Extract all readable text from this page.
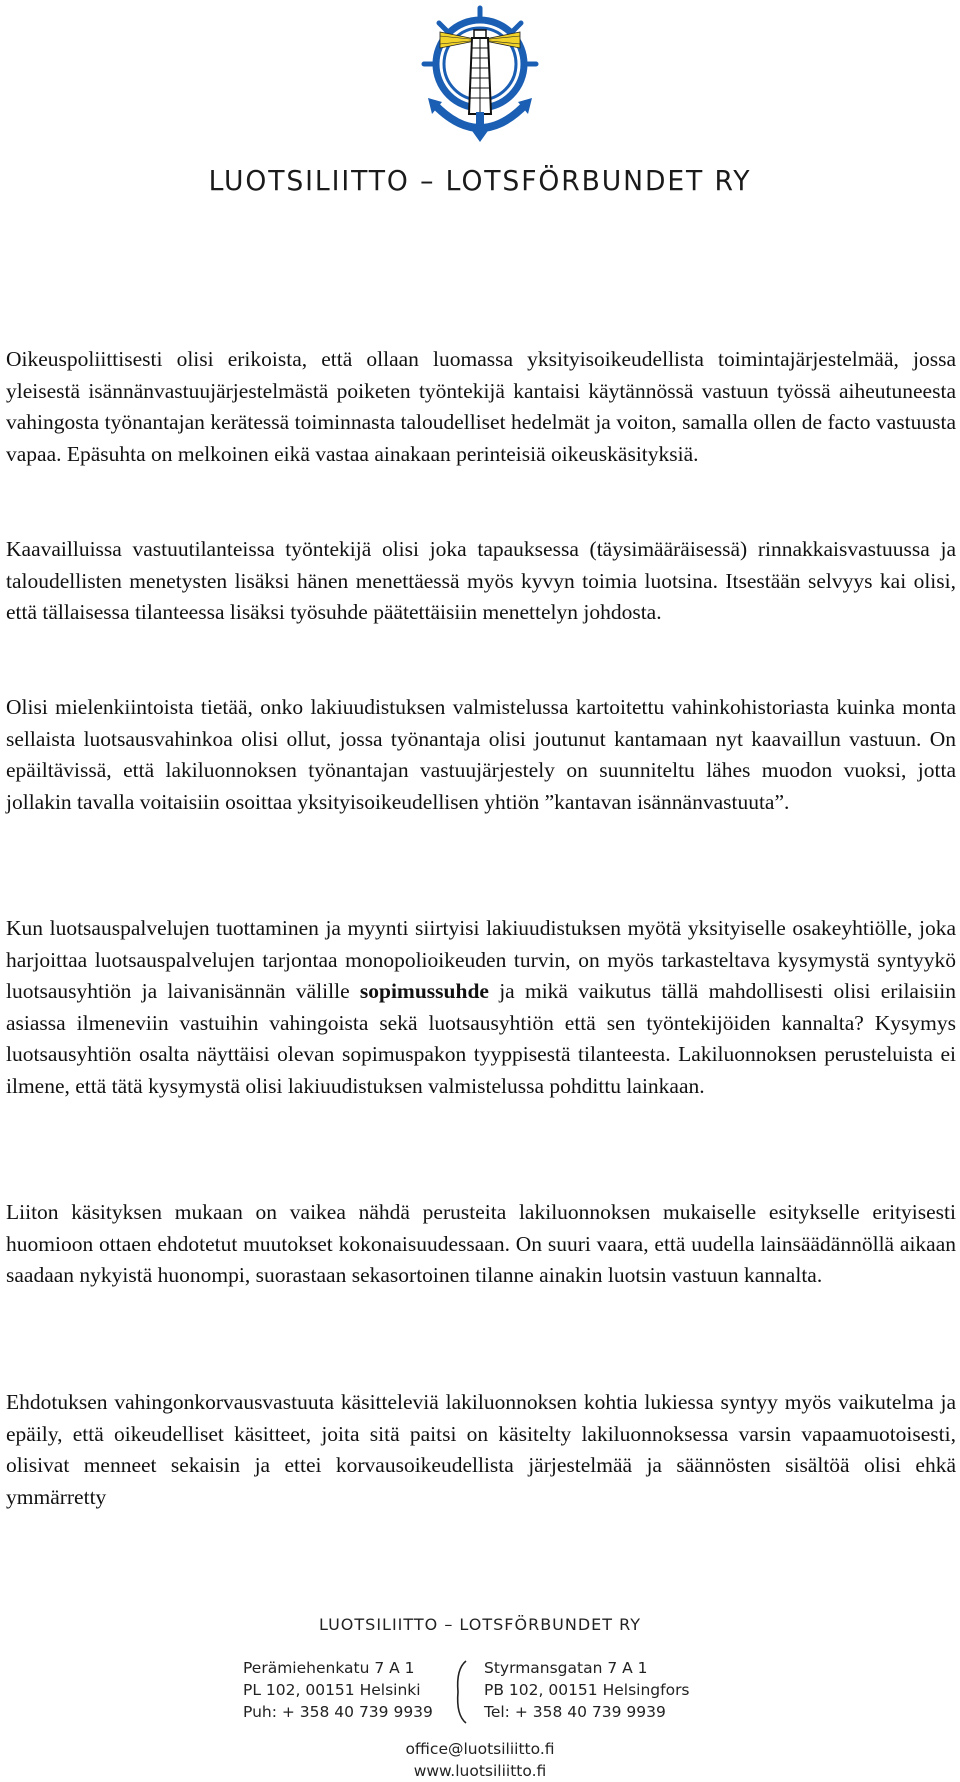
LUOTSILIITTO – LOTSFÖRBUNDET RY

Oikeuspoliittisesti olisi erikoista, että ollaan luomassa yksityisoikeudellista toimintajärjestelmää, jossa yleisestä isännänvastuujärjestelmästä poiketen työntekijä kantaisi käytännössä vastuun työssä aiheutuneesta vahingosta työnantajan kerätessä toiminnasta taloudelliset hedelmät ja voiton, samalla ollen de facto vastuusta vapaa. Epäsuhta on melkoinen eikä vastaa ainakaan perinteisiä oikeuskäsityksiä.

Kaavailluissa vastuutilanteissa työntekijä olisi joka tapauksessa (täysimääräisessä) rinnakkaisvastuussa ja taloudellisten menetysten lisäksi hänen menettäessä myös kyvyn toimia luotsina. Itsestään selvyys kai olisi, että tällaisessa tilanteessa lisäksi työsuhde päätettäisiin menettelyn johdosta.

Olisi mielenkiintoista tietää, onko lakiuudistuksen valmistelussa kartoitettu vahinkohistoriasta kuinka monta sellaista luotsausvahinkoa olisi ollut, jossa työnantaja olisi joutunut kantamaan nyt kaavaillun vastuun. On epäiltävissä, että lakiluonnoksen työnantajan vastuujärjestely on suunniteltu lähes muodon vuoksi, jotta jollakin tavalla voitaisiin osoittaa yksityisoikeudellisen yhtiön ”kantavan isännänvastuuta”.

Kun luotsauspalvelujen tuottaminen ja myynti siirtyisi lakiuudistuksen myötä yksityiselle osakeyhtiölle, joka harjoittaa luotsauspalvelujen tarjontaa monopolioikeuden turvin, on myös tarkasteltava kysymystä syntyykö luotsausyhtiön ja laivanisännän välille sopimussuhde ja mikä vaikutus tällä mahdollisesti olisi erilaisiin asiassa ilmeneviin vastuihin vahingoista sekä luotsausyhtiön että sen työntekijöiden kannalta? Kysymys luotsausyhtiön osalta näyttäisi olevan sopimuspakon tyyppisestä tilanteesta. Lakiluonnoksen perusteluista ei ilmene, että tätä kysymystä olisi lakiuudistuksen valmistelussa pohdittu lainkaan.

Liiton käsityksen mukaan on vaikea nähdä perusteita lakiluonnoksen mukaiselle esitykselle erityisesti huomioon ottaen ehdotetut muutokset kokonaisuudessaan. On suuri vaara, että uudella lainsäädännöllä aikaan saadaan nykyistä huonompi, suorastaan sekasortoinen tilanne ainakin luotsin vastuun kannalta.

Ehdotuksen vahingonkorvausvastuuta käsitteleviä lakiluonnoksen kohtia lukiessa syntyy myös vaikutelma ja epäily, että oikeudelliset käsitteet, joita sitä paitsi on käsitelty lakiluonnoksessa varsin vapaamuotoisesti, olisivat menneet sekaisin ja ettei korvausoikeudellista järjestelmää ja säännösten sisältöä olisi ehkä ymmärretty

LUOTSILIITTO – LOTSFÖRBUNDET RY
Perämiehenkatu 7 A 1
PL 102, 00151 Helsinki
Puh: + 358 40 739 9939
Styrmansgatan 7 A 1
PB 102, 00151 Helsingfors
Tel: + 358 40 739 9939
office@luotsiliitto.fi
www.luotsiliitto.fi
